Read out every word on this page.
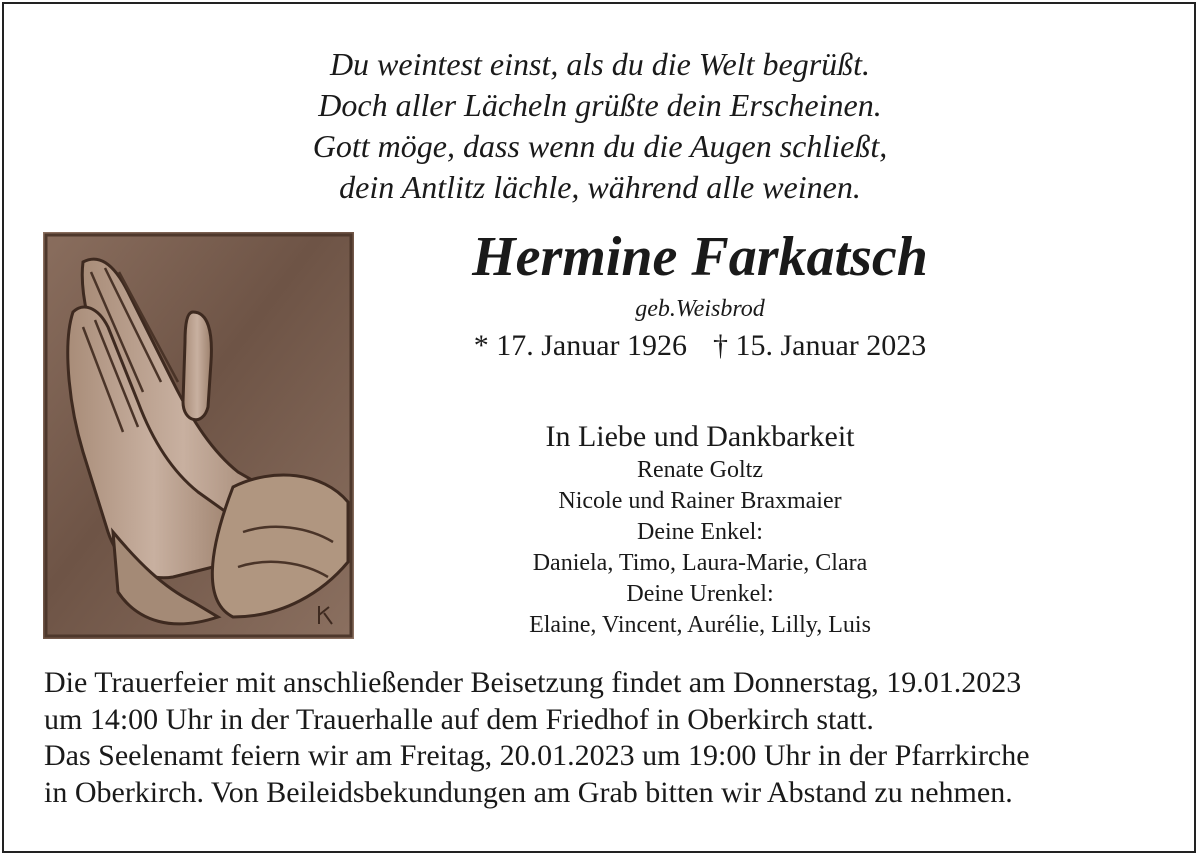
Du weintest einst, als du die Welt begrüßt.
Doch aller Lächeln grüßte dein Erscheinen.
Gott möge, dass wenn du die Augen schließt,
dein Antlitz lächle, während alle weinen.
Hermine Farkatsch
geb.Weisbrod
* 17. Januar 1926 † 15. Januar 2023
In Liebe und Dankbarkeit
Renate Goltz
Nicole und Rainer Braxmaier
Deine Enkel:
Daniela, Timo, Laura-Marie, Clara
Deine Urenkel:
Elaine, Vincent, Aurélie, Lilly, Luis
Die Trauerfeier mit anschließender Beisetzung findet am Donnerstag, 19.01.2023
um 14:00 Uhr in der Trauerhalle auf dem Friedhof in Oberkirch statt.
Das Seelenamt feiern wir am Freitag, 20.01.2023 um 19:00 Uhr in der Pfarrkirche
in Oberkirch. Von Beileidsbekundungen am Grab bitten wir Abstand zu nehmen.
